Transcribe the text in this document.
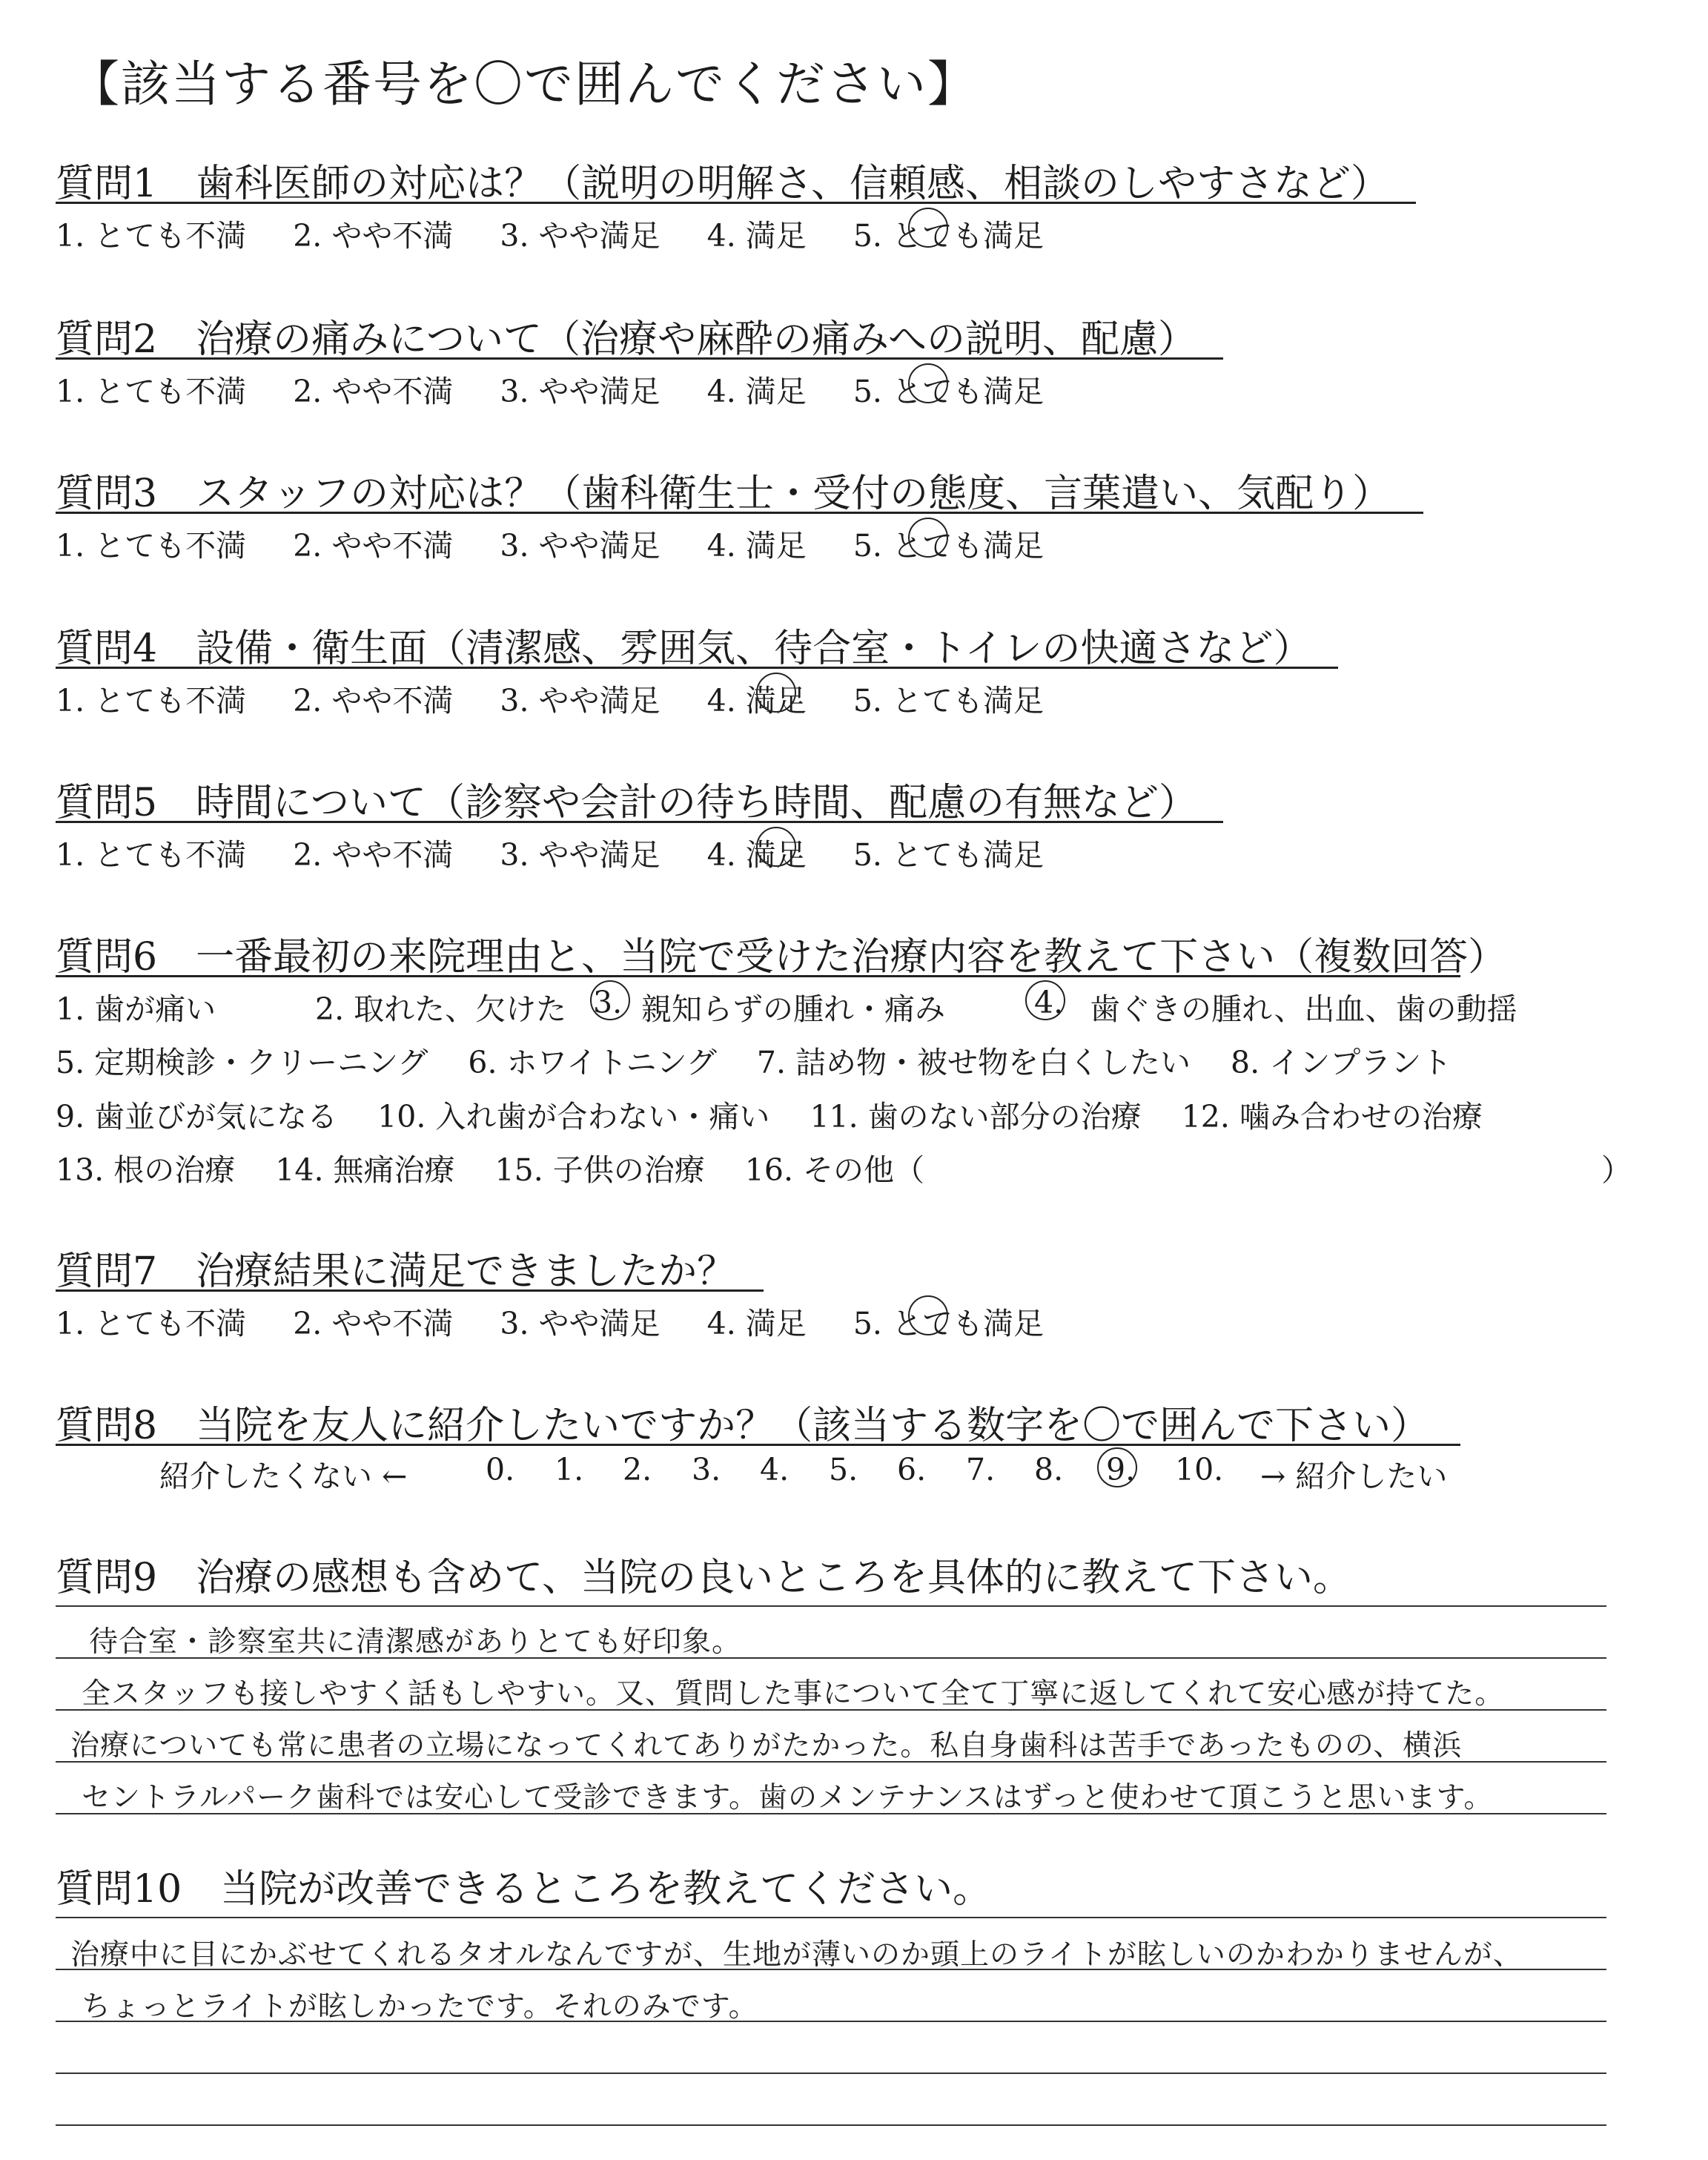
【該当する番号を〇で囲んでください】
質問1　歯科医師の対応は？（説明の明解さ、信頼感、相談のしやすさなど）
1. とても不満 2. やや不満 3. やや満足 4. 満足 5. とても満足
質問2　治療の痛みについて（治療や麻酔の痛みへの説明、配慮）
1. とても不満 2. やや不満 3. やや満足 4. 満足 5. とても満足
質問3　スタッフの対応は？（歯科衛生士・受付の態度、言葉遣い、気配り）
1. とても不満 2. やや不満 3. やや満足 4. 満足 5. とても満足
質問4　設備・衛生面（清潔感、雰囲気、待合室・トイレの快適さなど）
1. とても不満 2. やや不満 3. やや満足 4. 満足 5. とても満足
質問5　時間について（診察や会計の待ち時間、配慮の有無など）
1. とても不満 2. やや不満 3. やや満足 4. 満足 5. とても満足
質問6　一番最初の来院理由と、当院で受けた治療内容を教えて下さい（複数回答）
1. 歯が痛い	2. 取れた、欠けた 3. 親知らずの腫れ・痛み	4. 歯ぐきの腫れ、出血、歯の動揺
5. 定期検診・クリーニング　 6. ホワイトニング　 7. 詰め物・被せ物を白くしたい　 8. インプラント
9. 歯並びが気になる　 10. 入れ歯が合わない・痛い　 11. 歯のない部分の治療　 12. 噛み合わせの治療
13. 根の治療　 14. 無痛治療　 15. 子供の治療　 16. その他（	）
質問7　治療結果に満足できましたか？
1. とても不満 2. やや不満 3. やや満足 4. 満足 5. とても満足
質問8　当院を友人に紹介したいですか？（該当する数字を〇で囲んで下さい）
紹介したくない ←	0. 1. 2. 3. 4. 5. 6. 7. 8. 9. 10. → 紹介したい
質問9　治療の感想も含めて、当院の良いところを具体的に教えて下さい。
待合室・診察室共に清潔感がありとても好印象。
全スタッフも接しやすく話もしやすい。又、質問した事について全て丁寧に返してくれて安心感が持てた。
治療についても常に患者の立場になってくれてありがたかった。私自身歯科は苦手であったものの、横浜
セントラルパーク歯科では安心して受診できます。歯のメンテナンスはずっと使わせて頂こうと思います。
質問10　当院が改善できるところを教えてください。
治療中に目にかぶせてくれるタオルなんですが、生地が薄いのか頭上のライトが眩しいのかわかりませんが、
ちょっとライトが眩しかったです。それのみです。
